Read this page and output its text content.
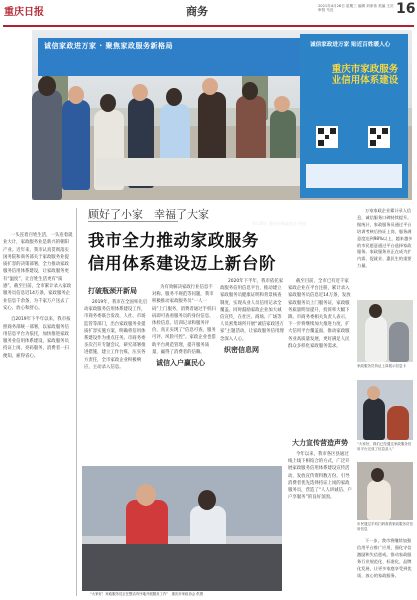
重庆日报	商务	2021年4月28日 星期三 编辑 刘家伟 美编 王庆 审校 马宜	16
诚信家政进万家 · 聚焦家政服务新格局	诚信家政进万家 贴近百姓暖人心
重庆市家政服务业信用体系建设
4月26日 重庆市家政协会 供图

一头连着百姓生活，一头连着就业大计，家政服务业是新兴的朝阳产业。近年来，我市认真贯彻落实国务院和商务部关于家政服务业提质扩容的决策部署，全力推动家政服务信用体系建设，让家政服务更有“温度”，让百姓生活更有“质感”。截至目前，全市累计录入家政服务员信息近14万条，家政服务企业信息千余条，为千家万户送去了安心、放心和舒心。

自2019年下半年以来，我市按照商务部统一部署，以家政服务信用信息平台为依托，加快推进家政服务业信用体系建设，家政服务员持证上岗、亮码服务，消费者一扫便知，雇得省心。

顾好了小家　幸福了大家
我市全力推动家政服务
信用体系建设迈上新台阶
打破瓶颈开新局

2019年，我市在全国率先启动家政服务信用体系建设工作，市商务委联合发改、人社、市场监管等部门，出台家政服务业提质扩容实施方案，明确将信用体系建设作为重点任务。市商务委多次召开专题会议，研究部署推进措施，建立工作台账，压实各方责任，全市家政企业积极响应，主动录入信息。

为有效解决家政行业信息不对称、服务不规范等问题，我市积极推动家政服务员“一人一码”上门服务，消费者通过手机扫码即可查看服务员的身份信息、体检信息、培训记录和服务评价，真正实现了“信息可查、服务可评、风险可控”。家政企业也借助平台规范管理，提升服务质量，赢得了消费者的信赖。

诚信入户赢民心

2020年下半年，我市依托家政服务信用信息平台，推动建立家政服务员健康证明和背景核查制度，实现从业人员信用记录全覆盖。同时鼓励家政企业加大诚信宣传，在社区、商场、广场等人员密集场所开展“诚信家政进万家”主题活动，让家政服务信用理念深入人心。

织密信息网

截至目前，全市已有近千家家政企业在平台注册，累计录入家政服务员信息近14万条，发放家政服务员上门服务证，家政服务质量明显提升，投诉率大幅下降。市商务委相关负责人表示，下一步将继续加大推进力度，扩大信用平台覆盖面，推动家政服务业高质量发展，更好满足人民群众多样化家政服务需求。

大力宣传营造声势

今年以来，我市各区县通过线上线下相结合的方式，广泛开展家政服务信用体系建设宣传活动，发放宣传资料数万份，引导消费者优先选择持证上岗的家政服务员，营造了“人人讲诚信、户户享服务”的良好氛围。

“大家好！家政服务员正在整洁有序地开展服务工作”　重庆市家政协会 供图

万家家政企业累计录入信息，诚信服务口碑持续提升。据统计，家政服务员通过平台培训考核后持证上岗，服务满意度达到98%以上，越来越多的市民愿意通过平台选择家政服务。家政服务业正在成为扩内需、促就业、惠民生的重要力量。

家政服务员持证上岗展示信息卡
“大家好，我们已经通过家政服务信用平台完成了信息录入”
市民通过手机扫码查看家政服务员信用信息

下一步，我市将继续加强信用平台推广应用，强化守信激励和失信惩戒，推动家政服务行业规范化、标准化、品牌化发展，让更多家庭享受到优质、放心的家政服务。
